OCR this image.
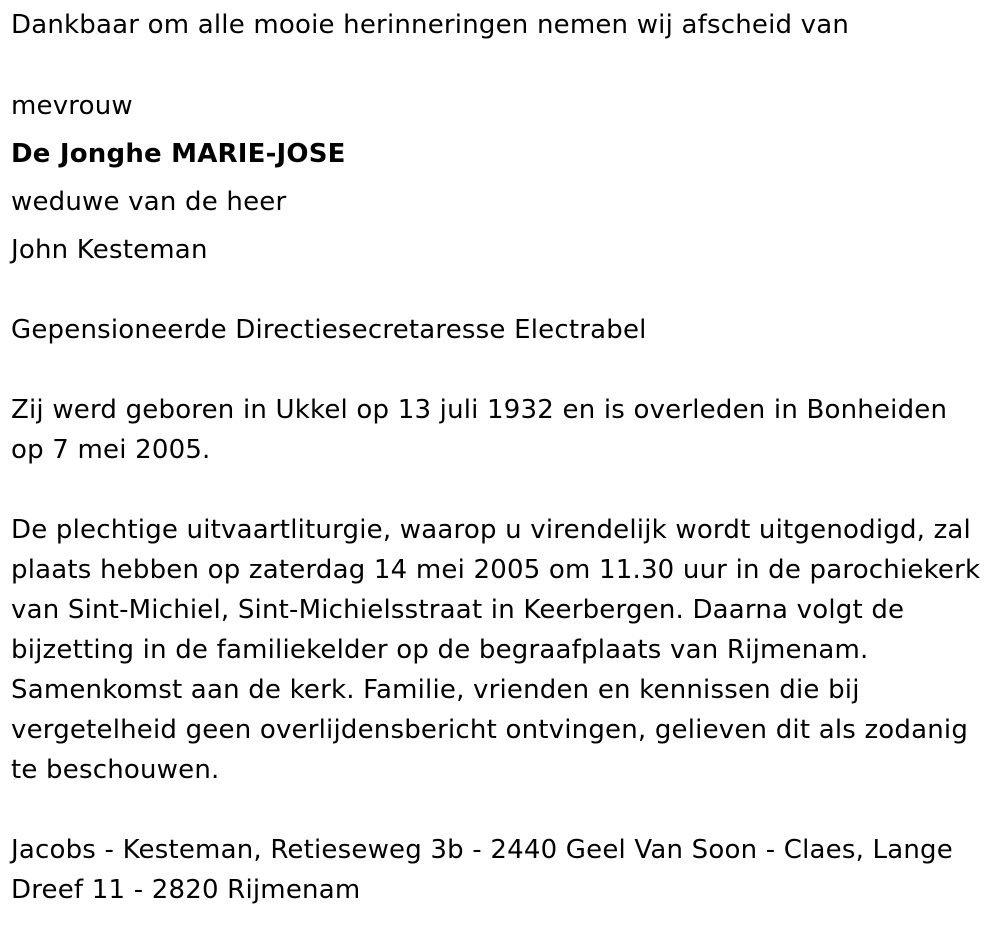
Dankbaar om alle mooie herinneringen nemen wij afscheid van
mevrouw
De Jonghe MARIE-JOSE
weduwe van de heer
John Kesteman
Gepensioneerde Directiesecretaresse Electrabel
Zij werd geboren in Ukkel op 13 juli 1932 en is overleden in Bonheiden op 7 mei 2005.
De plechtige uitvaartliturgie, waarop u virendelijk wordt uitgenodigd, zal plaats hebben op zaterdag 14 mei 2005 om 11.30 uur in de parochiekerk van Sint-Michiel, Sint-Michielsstraat in Keerbergen. Daarna volgt de bijzetting in de familiekelder op de begraafplaats van Rijmenam. Samenkomst aan de kerk. Familie, vrienden en kennissen die bij vergetelheid geen overlijdensbericht ontvingen, gelieven dit als zodanig te beschouwen.
Jacobs - Kesteman, Retieseweg 3b - 2440 Geel Van Soon - Claes, Lange Dreef 11 - 2820 Rijmenam
